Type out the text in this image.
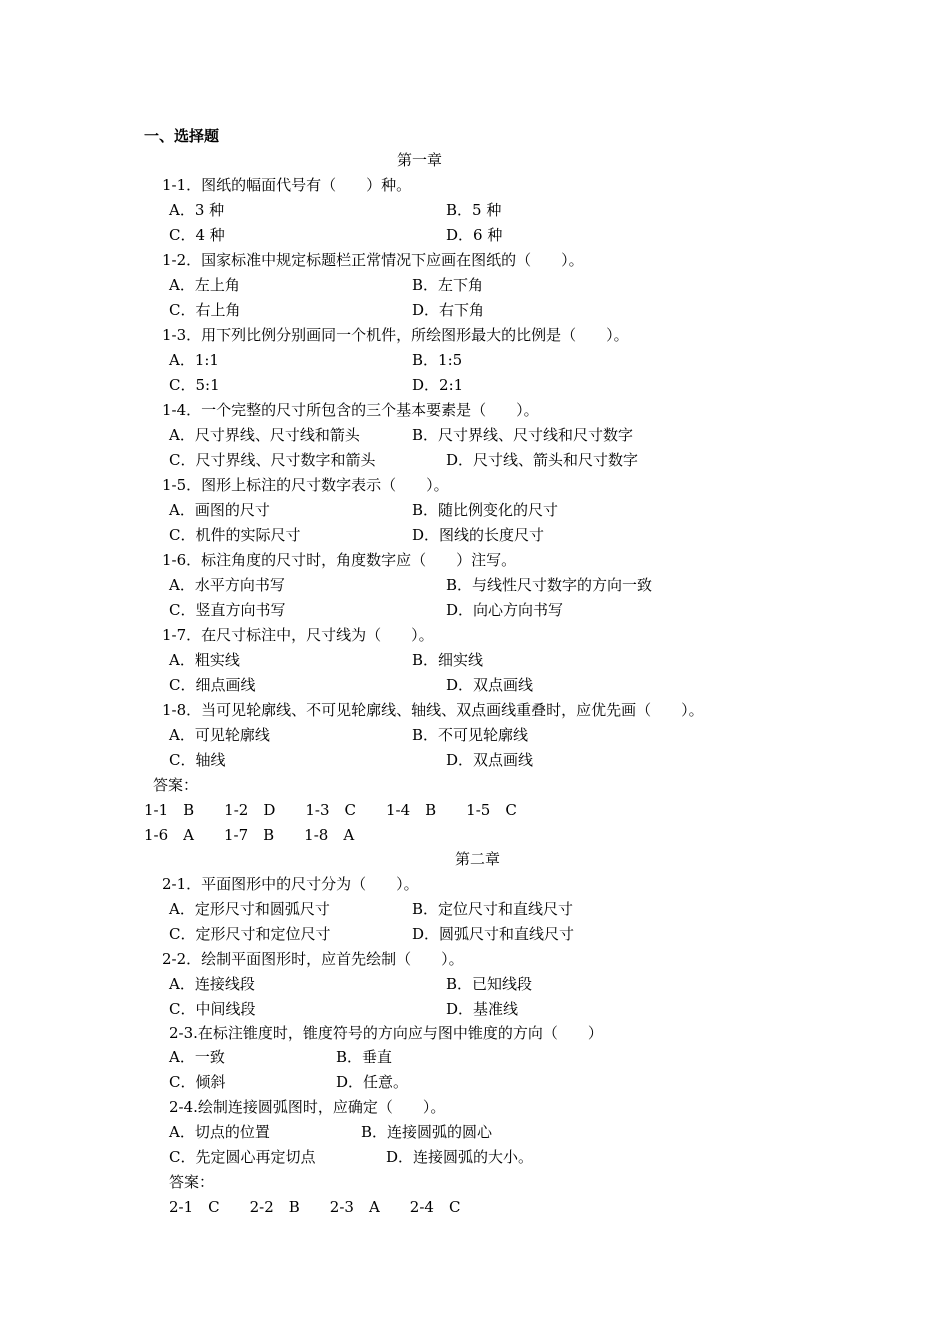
一、选择题
第一章
1-1．图纸的幅面代号有（　　）种。
A．3 种	B．5 种
C．4 种	D．6 种
1-2．国家标准中规定标题栏正常情况下应画在图纸的（　　）。
A．左上角	B．左下角
C．右上角	D．右下角
1-3．用下列比例分别画同一个机件，所绘图形最大的比例是（　　）。
A．1:1	B．1:5
C．5:1	D．2:1
1-4．一个完整的尺寸所包含的三个基本要素是（　　）。
A．尺寸界线、尺寸线和箭头	B．尺寸界线、尺寸线和尺寸数字
C．尺寸界线、尺寸数字和箭头	D．尺寸线、箭头和尺寸数字
1-5．图形上标注的尺寸数字表示（　　）。
A．画图的尺寸	B．随比例变化的尺寸
C．机件的实际尺寸	D．图线的长度尺寸
1-6．标注角度的尺寸时，角度数字应（　　）注写。
A．水平方向书写	B．与线性尺寸数字的方向一致
C．竖直方向书写	D．向心方向书写
1-7．在尺寸标注中，尺寸线为（　　）。
A．粗实线	B．细实线
C．细点画线	D．双点画线
1-8．当可见轮廓线、不可见轮廓线、轴线、双点画线重叠时，应优先画（　　）。
A．可见轮廓线	B．不可见轮廓线
C．轴线	D．双点画线
答案：
1-1　B　　1-2　D　　1-3　C　　1-4　B　　1-5　C
1-6　A　　1-7　B　　1-8　A
第二章
2-1．平面图形中的尺寸分为（　　）。
A．定形尺寸和圆弧尺寸	B．定位尺寸和直线尺寸
C．定形尺寸和定位尺寸	D．圆弧尺寸和直线尺寸
2-2．绘制平面图形时，应首先绘制（　　）。
A．连接线段	B．已知线段
C．中间线段	D．基准线
2-3.在标注锥度时，锥度符号的方向应与图中锥度的方向（　　）
A．一致	B．垂直
C．倾斜	D．任意。
2-4.绘制连接圆弧图时，应确定（　　）。
A．切点的位置	B．连接圆弧的圆心
C．先定圆心再定切点	D．连接圆弧的大小。
答案：
2-1　C　　2-2　B　　2-3　A　　2-4　C
